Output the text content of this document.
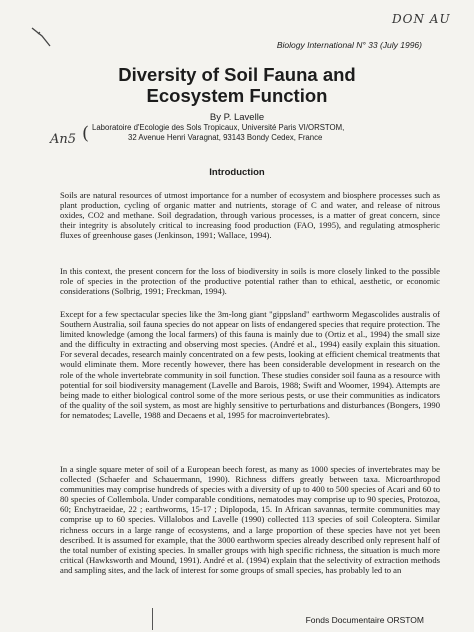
DON AU
An5
Biology International N° 33 (July 1996)
Diversity of Soil Fauna and
Ecosystem Function
By P. Lavelle
( Laboratoire d'Ecologie des Sols Tropicaux, Université Paris VI/ORSTOM,
32 Avenue Henri Varagnat, 93143 Bondy Cedex, France
Introduction

Soils are natural resources of utmost importance for a number of ecosystem and biosphere processes such as plant production, cycling of organic matter and nutrients, storage of C and water, and release of nitrous oxides, CO2 and methane. Soil degradation, through various processes, is a matter of great concern, since their integrity is absolutely critical to increasing food production (FAO, 1995), and regulating atmospheric fluxes of greenhouse gases (Jenkinson, 1991; Wallace, 1994).

In this context, the present concern for the loss of biodiversity in soils is more closely linked to the possible role of species in the protection of the productive potential rather than to ethical, aesthetic, or economic considerations (Solbrig, 1991; Freckman, 1994).

Except for a few spectacular species like the 3m-long giant "gippsland" earthworm Megascolides australis of Southern Australia, soil fauna species do not appear on lists of endangered species that require protection. The limited knowledge (among the local farmers) of this fauna is mainly due to (Ortiz et al., 1994) the small size and the difficulty in extracting and observing most species. (André et al., 1994) easily explain this situation. For several decades, research mainly concentrated on a few pests, looking at efficient chemical treatments that would eliminate them. More recently however, there has been considerable development in research on the role of the whole invertebrate community in soil function. These studies consider soil fauna as a resource with potential for soil biodiversity management (Lavelle and Barois, 1988; Swift and Woomer, 1994). Attempts are being made to either biological control some of the more serious pests, or use their communities as indicators of the quality of the soil system, as most are highly sensitive to perturbations and disturbances (Bongers, 1990 for nematodes; Lavelle, 1988 and Decaens et al, 1995 for macroinvertebrates).

In a single square meter of soil of a European beech forest, as many as 1000 species of invertebrates may be collected (Schaefer and Schauermann, 1990). Richness differs greatly between taxa. Microarthropod communities may comprise hundreds of species with a diversity of up to 400 to 500 species of Acari and 60 to 80 species of Collembola. Under comparable conditions, nematodes may comprise up to 90 species, Protozoa, 60; Enchytraeidae, 22 ; earthworms, 15-17 ; Diplopoda, 15. In African savannas, termite communities may comprise up to 60 species. Villalobos and Lavelle (1990) collected 113 species of soil Coleoptera. Similar richness occurs in a large range of ecosystems, and a large proportion of these species have not yet been described. It is assumed for example, that the 3000 earthworm species already described only represent half of the total number of existing species. In smaller groups with high specific richness, the situation is much more critical (Hawksworth and Mound, 1991). André et al. (1994) explain that the selectivity of extraction methods and sampling sites, and the lack of interest for some groups of small species, has probably led to an

Fonds Documentaire ORSTOM
